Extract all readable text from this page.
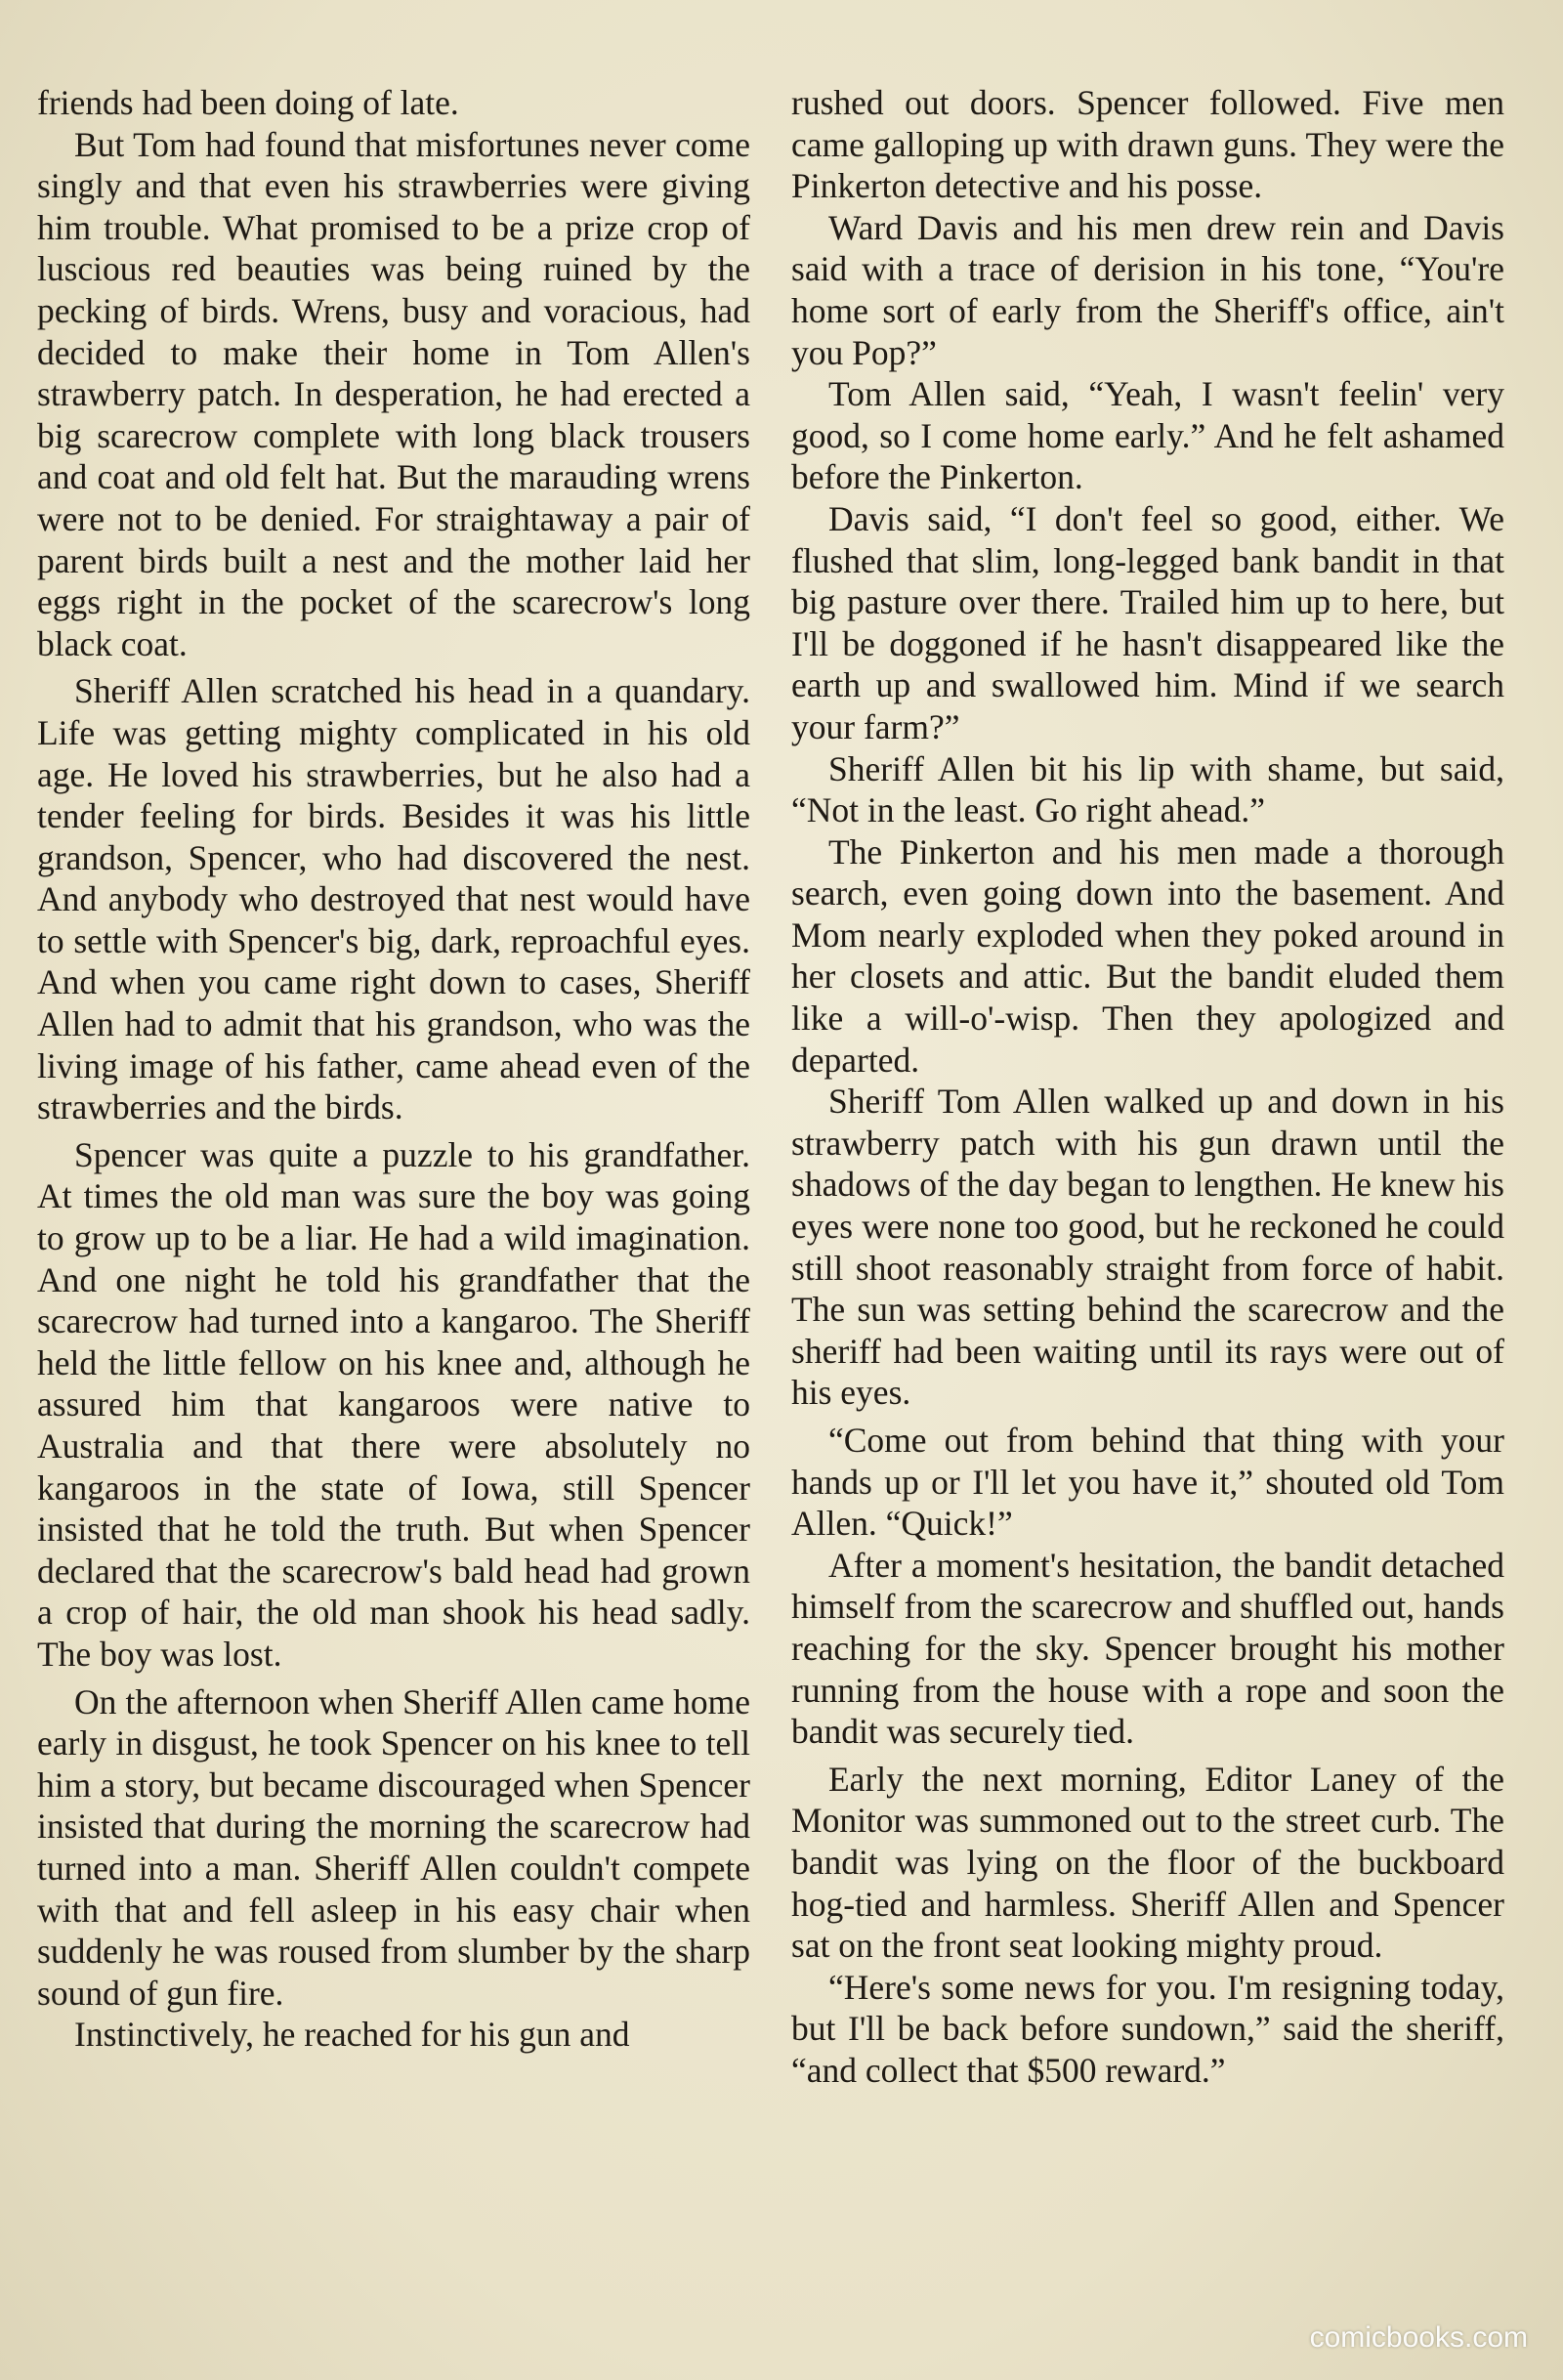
friends had been doing of late.

But Tom had found that misfortunes never come singly and that even his strawberries were giving him trouble. What promised to be a prize crop of luscious red beauties was being ruined by the pecking of birds. Wrens, busy and voracious, had decided to make their home in Tom Allen's strawberry patch. In desperation, he had erected a big scarecrow complete with long black trousers and coat and old felt hat. But the marauding wrens were not to be denied. For straightaway a pair of parent birds built a nest and the mother laid her eggs right in the pocket of the scarecrow's long black coat.

Sheriff Allen scratched his head in a quandary. Life was getting mighty complicated in his old age. He loved his strawberries, but he also had a tender feeling for birds. Besides it was his little grandson, Spencer, who had discovered the nest. And anybody who destroyed that nest would have to settle with Spencer's big, dark, reproachful eyes. And when you came right down to cases, Sheriff Allen had to admit that his grandson, who was the living image of his father, came ahead even of the strawberries and the birds.

Spencer was quite a puzzle to his grandfather. At times the old man was sure the boy was going to grow up to be a liar. He had a wild imagination. And one night he told his grandfather that the scarecrow had turned into a kangaroo. The Sheriff held the little fellow on his knee and, although he assured him that kangaroos were native to Australia and that there were absolutely no kangaroos in the state of Iowa, still Spencer insisted that he told the truth. But when Spencer declared that the scarecrow's bald head had grown a crop of hair, the old man shook his head sadly. The boy was lost.

On the afternoon when Sheriff Allen came home early in disgust, he took Spencer on his knee to tell him a story, but became discouraged when Spencer insisted that during the morning the scarecrow had turned into a man. Sheriff Allen couldn't compete with that and fell asleep in his easy chair when suddenly he was roused from slumber by the sharp sound of gun fire.

Instinctively, he reached for his gun and

rushed out doors. Spencer followed. Five men came galloping up with drawn guns. They were the Pinkerton detective and his posse.

Ward Davis and his men drew rein and Davis said with a trace of derision in his tone, “You're home sort of early from the Sheriff's office, ain't you Pop?”

Tom Allen said, “Yeah, I wasn't feelin' very good, so I come home early.” And he felt ashamed before the Pinkerton.

Davis said, “I don't feel so good, either. We flushed that slim, long-legged bank bandit in that big pasture over there. Trailed him up to here, but I'll be doggoned if he hasn't disappeared like the earth up and swallowed him. Mind if we search your farm?”

Sheriff Allen bit his lip with shame, but said, “Not in the least. Go right ahead.”

The Pinkerton and his men made a thorough search, even going down into the basement. And Mom nearly exploded when they poked around in her closets and attic. But the bandit eluded them like a will-o'-wisp. Then they apologized and departed.

Sheriff Tom Allen walked up and down in his strawberry patch with his gun drawn until the shadows of the day began to lengthen. He knew his eyes were none too good, but he reckoned he could still shoot reasonably straight from force of habit. The sun was setting behind the scarecrow and the sheriff had been waiting until its rays were out of his eyes.

“Come out from behind that thing with your hands up or I'll let you have it,” shouted old Tom Allen. “Quick!”

After a moment's hesitation, the bandit detached himself from the scarecrow and shuffled out, hands reaching for the sky. Spencer brought his mother running from the house with a rope and soon the bandit was securely tied.

Early the next morning, Editor Laney of the Monitor was summoned out to the street curb. The bandit was lying on the floor of the buckboard hog-tied and harmless. Sheriff Allen and Spencer sat on the front seat looking mighty proud.

“Here's some news for you. I'm resigning today, but I'll be back before sundown,” said the sheriff, “and collect that $500 reward.”

comicbooks.com
